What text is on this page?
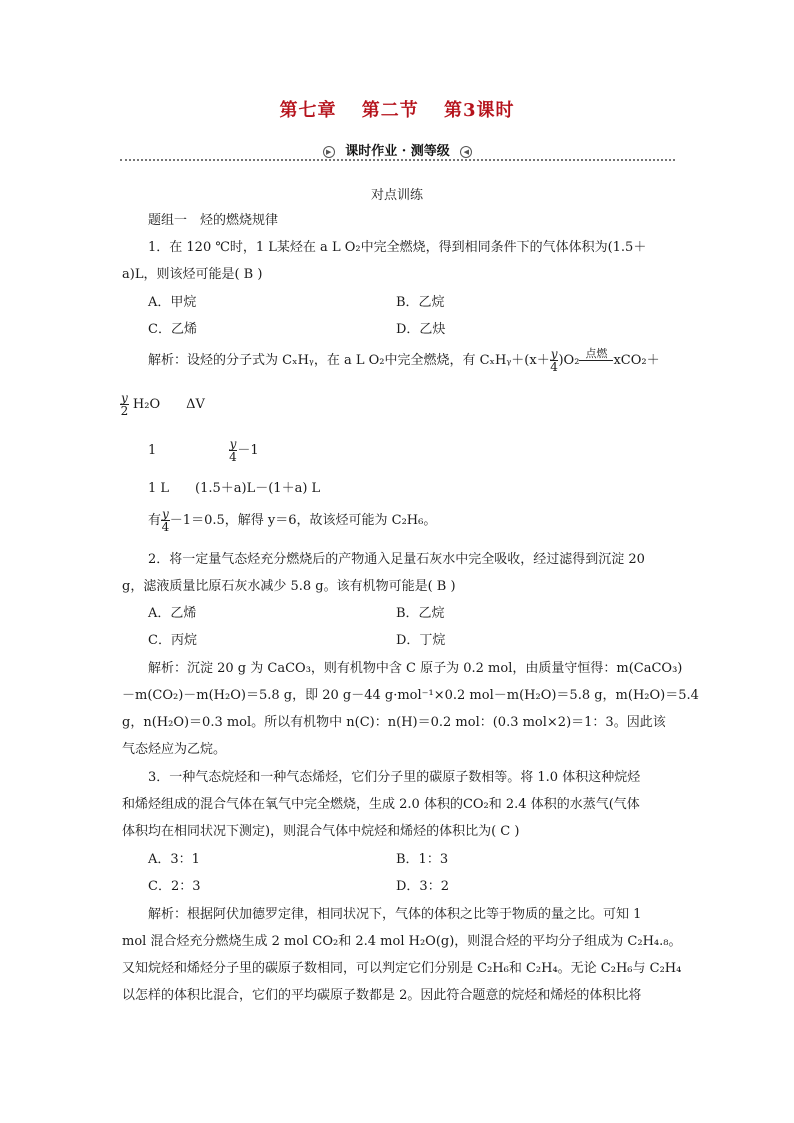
第七章 第二节 第3课时
▶ 课时作业 · 测等级 ◀
对点训练
题组一　烃的燃烧规律
1．在 120 ℃时，1 L某烃在 a L O₂中完全燃烧，得到相同条件下的气体体积为(1.5＋
a)L，则该烃可能是( B )
A．甲烷	B．乙烷
C．乙烯	D．乙炔
解析：设烃的分子式为 CₓHᵧ，在 a L O₂中完全燃烧，有 CₓHᵧ＋(x＋ $\frac{y}{4} )O_2$ 点燃 xCO₂＋
$\frac{y}{2} H_2O$　　ΔV
1	$\frac{y}{4} -1$
1 L　　(1.5＋a)L－(1＋a) L
有 $\frac{y}{4} -1=0.5$，解得 y＝6，故该烃可能为 C₂H₆。
2．将一定量气态烃充分燃烧后的产物通入足量石灰水中完全吸收，经过滤得到沉淀 20
g，滤液质量比原石灰水减少 5.8 g。该有机物可能是( B )
A．乙烯	B．乙烷
C．丙烷	D．丁烷
解析：沉淀 20 g 为 CaCO₃，则有机物中含 C 原子为 0.2 mol，由质量守恒得：m(CaCO₃)
－m(CO₂)－m(H₂O)＝5.8 g，即 20 g－44 g·mol⁻¹×0.2 mol－m(H₂O)＝5.8 g，m(H₂O)＝5.4
g，n(H₂O)＝0.3 mol。所以有机物中 n(C)：n(H)＝0.2 mol：(0.3 mol×2)＝1：3。因此该
气态烃应为乙烷。
3．一种气态烷烃和一种气态烯烃，它们分子里的碳原子数相等。将 1.0 体积这种烷烃
和烯烃组成的混合气体在氧气中完全燃烧，生成 2.0 体积的CO₂和 2.4 体积的水蒸气(气体
体积均在相同状况下测定)，则混合气体中烷烃和烯烃的体积比为( C )
A．3：1	B．1：3
C．2：3	D．3：2
解析：根据阿伏加德罗定律，相同状况下，气体的体积之比等于物质的量之比。可知 1
mol 混合烃充分燃烧生成 2 mol CO₂和 2.4 mol H₂O(g)，则混合烃的平均分子组成为 C₂H₄.₈。
又知烷烃和烯烃分子里的碳原子数相同，可以判定它们分别是 C₂H₆和 C₂H₄。无论 C₂H₆与 C₂H₄
以怎样的体积比混合，它们的平均碳原子数都是 2。因此符合题意的烷烃和烯烃的体积比将
